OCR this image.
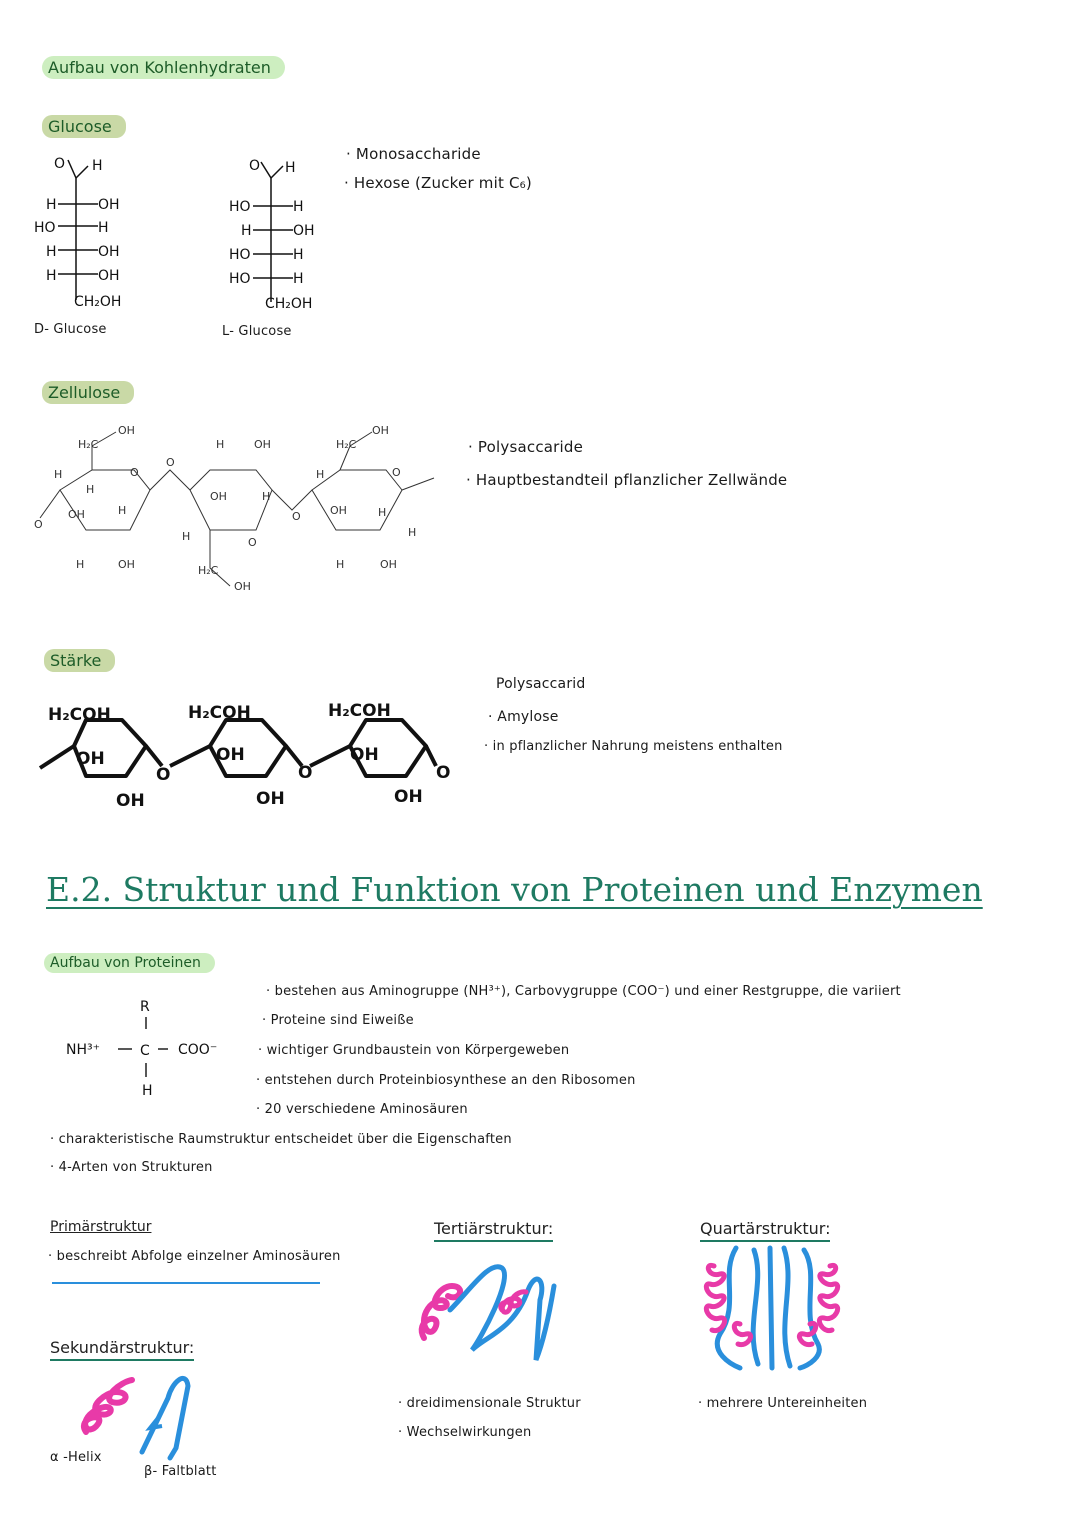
Aufbau von Kohlenhydraten
Glucose
· Monosaccharide
· Hexose (Zucker mit C₆)
O H
H	OH
HO	H
H	OH
H	OH
CH₂OH
D- Glucose
O H
HO	H
H	OH
HO	H
HO	H
CH₂OH
L- Glucose
Zellulose
H₂C
OH
H
H
O
OH	H
O
H	OH
O
H	OH
OH	H
H	O
H₂C
OH
O
H₂C
OH
H
OH	H
H
H	OH
O
· Polysaccaride
· Hauptbestandteil pflanzlicher Zellwände
Stärke
H₂COH	H₂COH	H₂COH
OH	OH	OH
OH	OH	OH
O	O	O
Polysaccarid
· Amylose
· in pflanzlicher Nahrung meistens enthalten
E.2. Struktur und Funktion von Proteinen und Enzymen
Aufbau von Proteinen
R
NH³⁺	C COO⁻
H
· bestehen aus Aminogruppe (NH³⁺), Carbovygruppe (COO⁻) und einer Restgruppe, die variiert
· Proteine sind Eiweiße
· wichtiger Grundbaustein von Körpergeweben
· entstehen durch Proteinbiosynthese an den Ribosomen
· 20 verschiedene Aminosäuren
· charakteristische Raumstruktur entscheidet über die Eigenschaften
· 4-Arten von Strukturen
Primärstruktur
· beschreibt Abfolge einzelner Aminosäuren
Sekundärstruktur:
α -Helix
β- Faltblatt
Tertiärstruktur:
· dreidimensionale Struktur
· Wechselwirkungen
Quartärstruktur:
· mehrere Untereinheiten
